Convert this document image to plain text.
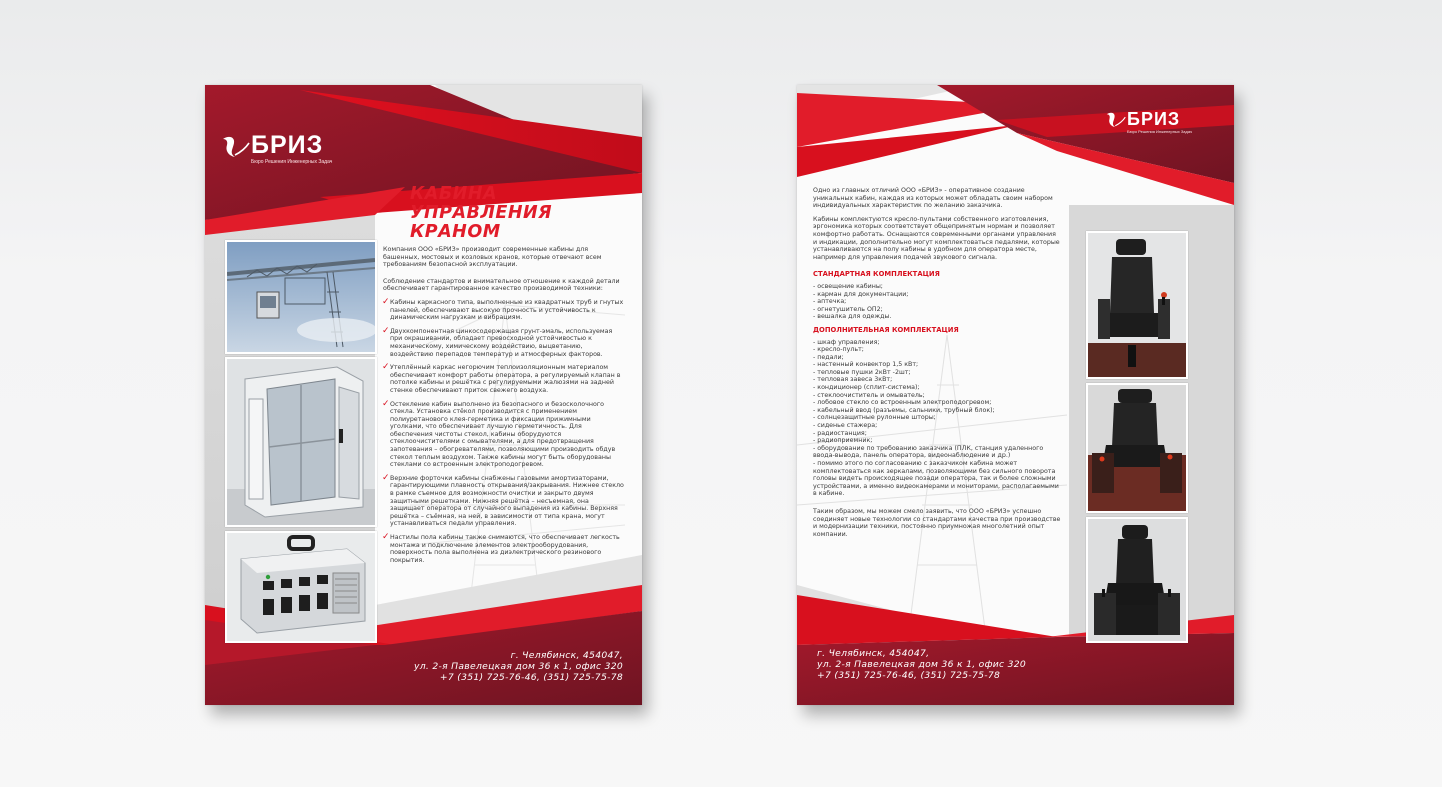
БРИЗ
Бюро Решения Инженерных Задач
КАБИНА
УПРАВЛЕНИЯ
КРАНОМ

Компания ООО «БРИЗ» производит современные кабины для башенных, мостовых и козловых кранов, которые отвечают всем требованиям безопасной эксплуатации.

Соблюдение стандартов и внимательное отношение к каждой детали обеспечивает гарантированное качество производимой техники:

✓ Кабины каркасного типа, выполненные из квадратных труб и гнутых панелей, обеспечивают высокую прочность и устойчивость к динамическим нагрузкам и вибрациям.

✓ Двухкомпонентная цинкосодержащая грунт-эмаль, используемая при окрашивании, обладает превосходной устойчивостью к механическому, химическому воздействию, выцветанию, воздействию перепадов температур и атмосферных факторов.

✓ Утеплённый каркас негорючим теплоизоляционным материалом обеспечивает комфорт работы оператора, а регулируемый клапан в потолке кабины и решётка с регулируемыми жалюзями на задней стенке обеспечивают приток свежего воздуха.

✓ Остекление кабин выполнено из безопасного и безосколочного стекла. Установка стёкол производится с применением полиуретанового клея-герметика и фиксации прижимными уголками, что обеспечивает лучшую герметичность. Для обеспечения чистоты стекол, кабины оборудуются стеклоочистителями с омывателями, а для предотвращения запотевания – обогревателями, позволяющими производить обдув стекол теплым воздухом. Также кабины могут быть оборудованы стеклами со встроенным электроподогревом.

✓ Верхние форточки кабины снабжены газовыми амортизаторами, гарантирующими плавность открывания/закрывания. Нижнее стекло в рамке съемное для возможности очистки и закрыто двумя защитными решетками. Нижняя решётка – несъемная, она защищает оператора от случайного выпадения из кабины. Верхняя решётка – съёмная, на ней, в зависимости от типа крана, могут устанавливаться педали управления.

✓ Настилы пола кабины также снимаются, что обеспечивает легкость монтажа и подключение элементов электрооборудования, поверхность пола выполнена из диэлектрического резинового покрытия.

г. Челябинск, 454047,
ул. 2-я Павелецкая дом 36 к 1, офис 320
+7 (351) 725-76-46, (351) 725-75-78
БРИЗ
Бюро Решения Инженерных Задач

Одно из главных отличий ООО «БРИЗ» - оперативное создание уникальных кабин, каждая из которых может обладать своим набором индивидуальных характеристик по желанию заказчика.

Кабины комплектуются кресло-пультами собственного изготовления, эргономика которых соответствует общепринятым нормам и позволяет комфортно работать. Оснащаются современными органами управления и индикации, дополнительно могут комплектоваться педалями, которые устанавливаются на полу кабины в удобном для оператора месте, например для управления подачей звукового сигнала.

СТАНДАРТНАЯ КОМПЛЕКТАЦИЯ
- освещение кабины;
- карман для документации;
- аптечка;
- огнетушитель ОП2;
- вешалка для одежды.
ДОПОЛНИТЕЛЬНАЯ КОМПЛЕКТАЦИЯ
- шкаф управления;
- кресло-пульт;
- педали;
- настенный конвектор 1,5 кВт;
- тепловые пушки 2кВт -2шт;
- тепловая завеса 3кВт;
- кондиционер (сплит-система);
- стеклоочиститель и омыватель;
- лобовое стекло со встроенным электроподогревом;
- кабельный ввод (разъемы, сальники, трубный блок);
- солнцезащитные рулонные шторы;
- сиденье стажера;
- радиостанция;
- радиоприемник;
- оборудование по требованию заказчика (ПЛК, станция удаленного ввода-вывода, панель оператора, видеонаблюдение и др.)
- помимо этого по согласованию с заказчиком кабина может комплектоваться как зеркалами, позволяющими без сильного поворота головы видеть происходящее позади оператора, так и более сложными устройствами, а именно видеокамерами и мониторами, располагаемыми в кабине.

Таким образом, мы можем смело заявить, что ООО «БРИЗ» успешно соединяет новые технологии со стандартами качества при производстве и модернизации техники, постоянно приумножая многолетний опыт компании.

г. Челябинск, 454047,
ул. 2-я Павелецкая дом 36 к 1, офис 320
+7 (351) 725-76-46, (351) 725-75-78
